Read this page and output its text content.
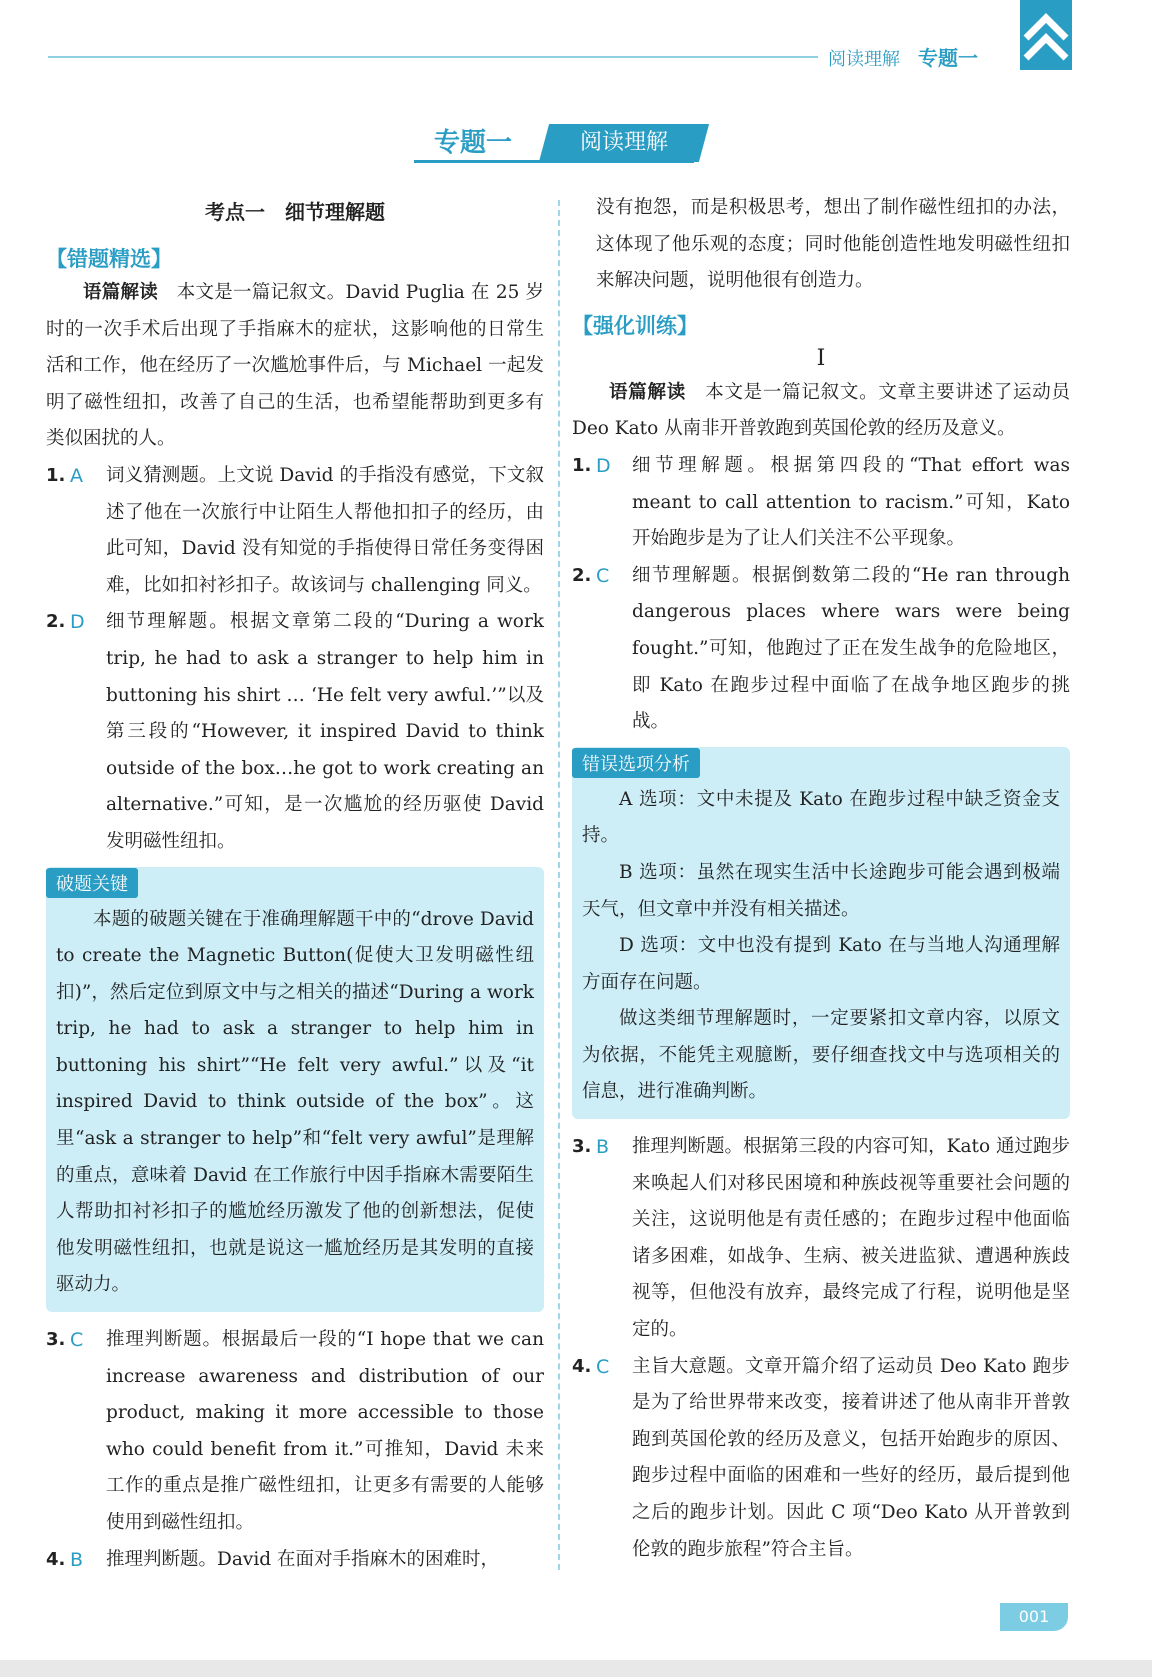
阅读理解 专题一
专题一	阅读理解
考点一　细节理解题
【错题精选】

语篇解读　 本文是一篇记叙文。David Puglia 在 25 岁时的一次手术后出现了手指麻木的症状，这影响他的日常生活和工作，他在经历了一次尴尬事件后，与 Michael 一起发明了磁性纽扣，改善了自己的生活，也希望能帮助到更多有类似困扰的人。

1. A	词义猜测题。上文说 David 的手指没有感觉，下文叙述了他在一次旅行中让陌生人帮他扣扣子的经历，由此可知，David 没有知觉的手指使得日常任务变得困难，比如扣衬衫扣子。故该词与 challenging 同义。

2. D	细节理解题。根据文章第二段的“During a work trip, he had to ask a stranger to help him in buttoning his shirt … ‘He felt very awful.’”以及第三段的“However, it inspired David to think outside of the box…he got to work creating an alternative.”可知，是一次尴尬的经历驱使 David 发明磁性纽扣。

破题关键

本题的破题关键在于准确理解题干中的“drove David to create the Magnetic Button(促使大卫发明磁性纽扣)”，然后定位到原文中与之相关的描述“During a work trip, he had to ask a stranger to help him in buttoning his shirt”“He felt very awful.”以及“it inspired David to think outside of the box”。这里“ask a stranger to help”和“felt very awful”是理解的重点，意味着 David 在工作旅行中因手指麻木需要陌生人帮助扣衬衫扣子的尴尬经历激发了他的创新想法，促使他发明磁性纽扣，也就是说这一尴尬经历是其发明的直接驱动力。

3. C	推理判断题。根据最后一段的“I hope that we can increase awareness and distribution of our product, making it more accessible to those who could benefit from it.”可推知，David 未来工作的重点是推广磁性纽扣，让更多有需要的人能够使用到磁性纽扣。

4. B	推理判断题。David 在面对手指麻木的困难时，

没有抱怨，而是积极思考，想出了制作磁性纽扣的办法，这体现了他乐观的态度；同时他能创造性地发明磁性纽扣来解决问题，说明他很有创造力。

【强化训练】
I

语篇解读　 本文是一篇记叙文。文章主要讲述了运动员 Deo Kato 从南非开普敦跑到英国伦敦的经历及意义。

1. D	细节理解题。根据第四段的“That effort was meant to call attention to racism.”可知，Kato 开始跑步是为了让人们关注不公平现象。

2. C	细节理解题。根据倒数第二段的“He ran through dangerous places where wars were being fought.”可知，他跑过了正在发生战争的危险地区，即 Kato 在跑步过程中面临了在战争地区跑步的挑战。

错误选项分析

A 选项：文中未提及 Kato 在跑步过程中缺乏资金支持。

B 选项：虽然在现实生活中长途跑步可能会遇到极端天气，但文章中并没有相关描述。

D 选项：文中也没有提到 Kato 在与当地人沟通理解方面存在问题。

做这类细节理解题时，一定要紧扣文章内容，以原文为依据，不能凭主观臆断，要仔细查找文中与选项相关的信息，进行准确判断。

3. B	推理判断题。根据第三段的内容可知，Kato 通过跑步来唤起人们对移民困境和种族歧视等重要社会问题的关注，这说明他是有责任感的；在跑步过程中他面临诸多困难，如战争、生病、被关进监狱、遭遇种族歧视等，但他没有放弃，最终完成了行程，说明他是坚定的。

4. C	主旨大意题。文章开篇介绍了运动员 Deo Kato 跑步是为了给世界带来改变，接着讲述了他从南非开普敦跑到英国伦敦的经历及意义，包括开始跑步的原因、跑步过程中面临的困难和一些好的经历，最后提到他之后的跑步计划。因此 C 项“Deo Kato 从开普敦到伦敦的跑步旅程”符合主旨。

001
